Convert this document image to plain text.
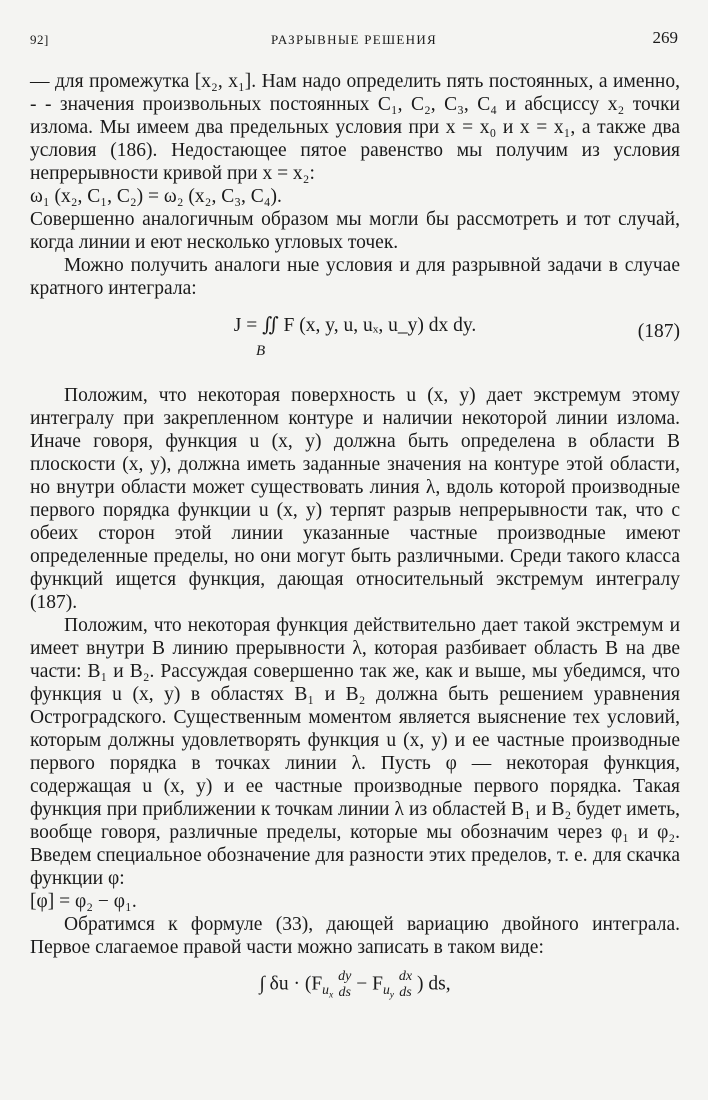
92]	РАЗРЫВНЫЕ РЕШЕНИЯ	269

— для промежутка [x₂, x₁]. Нам надо определить пять постоянных, а именно, - - значения произвольных постоянных C₁, C₂, C₃, C₄ и абсциссу x₂ точки излома. Мы имеем два предельных условия при x = x₀ и x = x₁, а также два условия (186). Недостающее пятое равенство мы получим из условия непрерывности кривой при x = x₂:

ω₁ (x₂, C₁, C₂) = ω₂ (x₂, C₃, C₄).

Совершенно аналогичным образом мы могли бы рассмотреть и тот случай, когда линии и еют несколько угловых точек.

Можно получить аналоги ные условия и для разрывной задачи в случае кратного интеграла:

J = ∬ F (x, y, u, uₓ, u_y) dx dy.
B
(187)

Положим, что некоторая поверхность u (x, y) дает экстремум этому интегралу при закрепленном контуре и наличии некоторой линии излома. Иначе говоря, функция u (x, y) должна быть определена в области B плоскости (x, y), должна иметь заданные значения на контуре этой области, но внутри области может существовать линия λ, вдоль которой производные первого порядка функции u (x, y) терпят разрыв непрерывности так, что с обеих сторон этой линии указанные частные производные имеют определенные пределы, но они могут быть различными. Среди такого класса функций ищется функция, дающая относительный экстремум интегралу (187).

Положим, что некоторая функция действительно дает такой экстремум и имеет внутри B линию прерывности λ, которая разбивает область B на две части: B₁ и B₂. Рассуждая совершенно так же, как и выше, мы убедимся, что функция u (x, y) в областях B₁ и B₂ должна быть решением уравнения Остроградского. Существенным моментом является выяснение тех условий, которым должны удовлетворять функция u (x, y) и ее частные производные первого порядка в точках линии λ. Пусть φ — некоторая функция, содержащая u (x, y) и ее частные производные первого порядка. Такая функция при приближении к точкам линии λ из областей B₁ и B₂ будет иметь, вообще говоря, различные пределы, которые мы обозначим через φ₁ и φ₂. Введем специальное обозначение для разности этих пределов, т. е. для скачка функции φ:

[φ] = φ₂ − φ₁.

Обратимся к формуле (33), дающей вариацию двойного интеграла. Первое слагаемое правой части можно записать в таком виде:

∫ $\delta u \cdot (F_{u_x}$
dy
ds − $F_{u_y}$
dx
ds ) ds,
